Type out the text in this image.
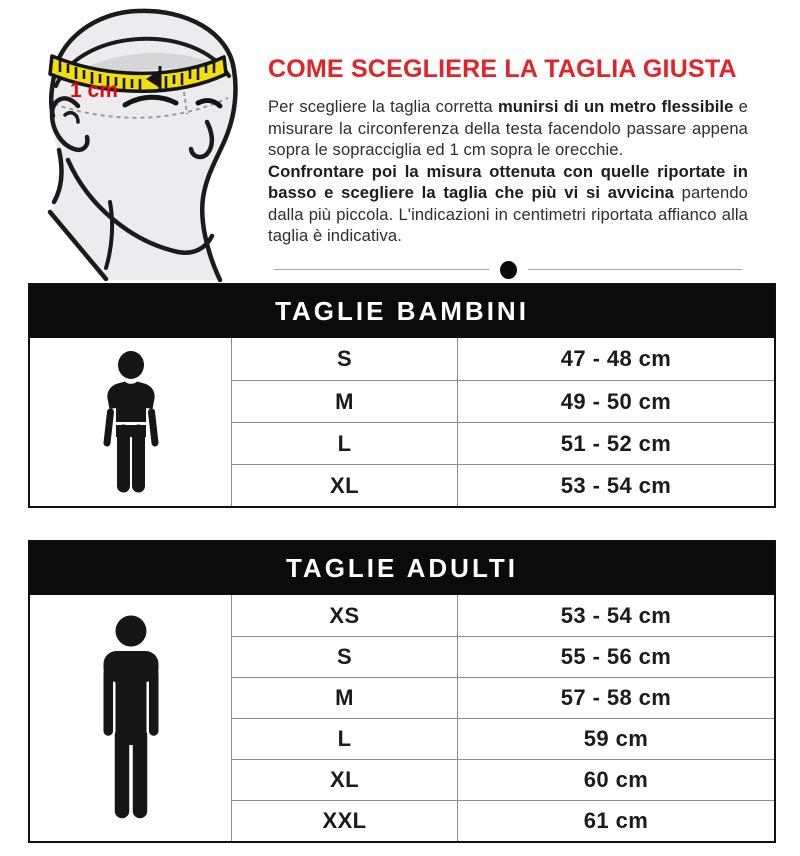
1 cm
COME SCEGLIERE LA TAGLIA GIUSTA

Per scegliere la taglia corretta munirsi di un metro flessibile e misurare la circonferenza della testa facendolo passare appena sopra le sopracciglia ed 1 cm sopra le orecchie.
Confrontare poi la misura ottenuta con quelle riportate in basso e scegliere la taglia che più vi si avvicina partendo dalla più piccola. L'indicazioni in centimetri riportata affianco alla taglia è indicativa.

TAGLIE BAMBINI
S	47 - 48 cm
M	49 - 50 cm
L	51 - 52 cm
XL	53 - 54 cm
TAGLIE ADULTI
XS	53 - 54 cm
S	55 - 56 cm
M	57 - 58 cm
L	59 cm
XL	60 cm
XXL	61 cm
